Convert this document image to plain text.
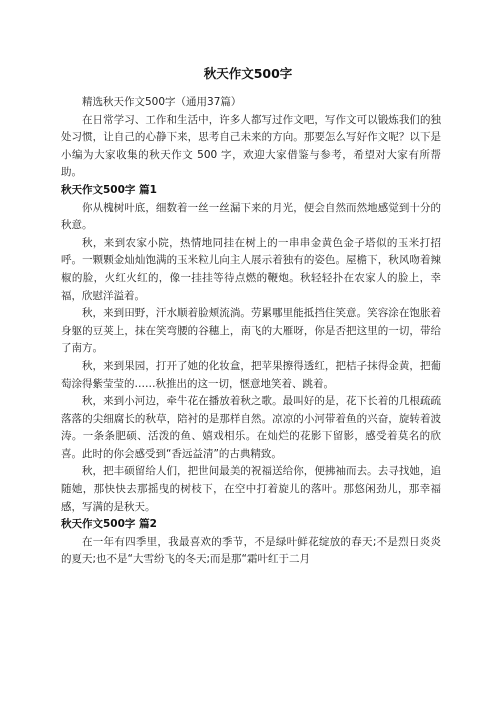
秋天作文500字

精选秋天作文500字（通用37篇）

在日常学习、工作和生活中，许多人都写过作文吧，写作文可以锻炼我们的独处习惯，让自己的心静下来，思考自己未来的方向。那要怎么写好作文呢？以下是小编为大家收集的秋天作文 500 字，欢迎大家借鉴与参考，希望对大家有所帮助。

秋天作文500字 篇1

你从槐树叶底，细数着一丝一丝漏下来的月光，便会自然而然地感觉到十分的秋意。

秋，来到农家小院，热情地同挂在树上的一串串金黄色金子塔似的玉米打招呼。一颗颗金灿灿饱满的玉米粒儿向主人展示着独有的姿色。屋檐下，秋风吻着辣椒的脸，火红火红的，像一挂挂等待点燃的鞭炮。秋轻轻扑在农家人的脸上，幸福，欣慰洋溢着。

秋，来到田野，汗水顺着脸颊流淌。劳累哪里能抵挡住笑意。笑容涂在饱胀着身躯的豆荚上，抹在笑弯腰的谷穗上，南飞的大雁呀，你是否把这里的一切，带给了南方。

秋，来到果园，打开了她的化妆盒，把苹果擦得透红，把桔子抹得金黄，把葡萄涂得紫莹莹的……秋推出的这一切，惬意地笑着、跳着。

秋，来到小河边，牵牛花在播放着秋之歌。最叫好的是，花下长着的几根疏疏落落的尖细腐长的秋草，陪衬的是那样自然。凉凉的小河带着鱼的兴奋，旋转着波涛。一条条肥硕、活泼的鱼、嬉戏相乐。在灿烂的花影下留影，感受着莫名的欣喜。此时的你会感受到“香远益清”的古典精致。

秋，把丰硕留给人们，把世间最美的祝福送给你，便拂袖而去。去寻找她，追随她，那快快去那摇曳的树枝下，在空中打着旋儿的落叶。那悠闲劲儿，那幸福感，写满的是秋天。

秋天作文500字 篇2

在一年有四季里，我最喜欢的季节，不是绿叶鲜花绽放的春天;不是烈日炎炎的夏天;也不是“大雪纷飞的冬天;而是那“霜叶红于二月
